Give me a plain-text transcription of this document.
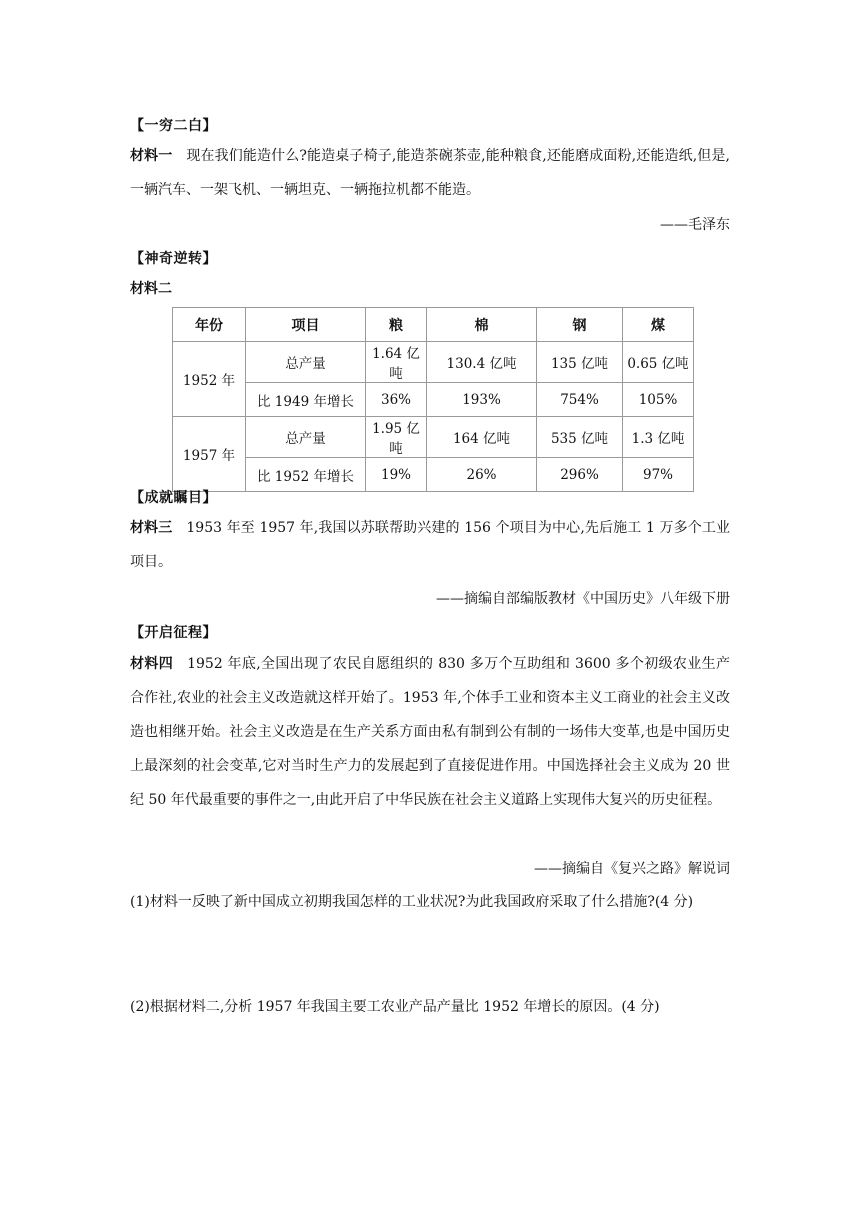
【一穷二白】
材料一 现在我们能造什么?能造桌子椅子,能造茶碗茶壶,能种粮食,还能磨成面粉,还能造纸,但是,一辆汽车、一架飞机、一辆坦克、一辆拖拉机都不能造。
——毛泽东
【神奇逆转】
材料二
年份	项目	粮	棉	钢	煤
1952 年	总产量	1.64 亿吨	130.4 亿吨	135 亿吨	0.65 亿吨
	比 1949 年增长	36%	193%	754%	105%
1957 年	总产量	1.95 亿吨	164 亿吨	535 亿吨	1.3 亿吨
	比 1952 年增长	19%	26%	296%	97%
【成就瞩目】
材料三 1953 年至 1957 年,我国以苏联帮助兴建的 156 个项目为中心,先后施工 1 万多个工业项目。
——摘编自部编版教材《中国历史》八年级下册
【开启征程】
材料四 1952 年底,全国出现了农民自愿组织的 830 多万个互助组和 3600 多个初级农业生产合作社,农业的社会主义改造就这样开始了。1953 年,个体手工业和资本主义工商业的社会主义改造也相继开始。社会主义改造是在生产关系方面由私有制到公有制的一场伟大变革,也是中国历史上最深刻的社会变革,它对当时生产力的发展起到了直接促进作用。中国选择社会主义成为 20 世纪 50 年代最重要的事件之一,由此开启了中华民族在社会主义道路上实现伟大复兴的历史征程。
——摘编自《复兴之路》解说词
(1)材料一反映了新中国成立初期我国怎样的工业状况?为此我国政府采取了什么措施?(4 分)
(2)根据材料二,分析 1957 年我国主要工农业产品产量比 1952 年增长的原因。(4 分)
